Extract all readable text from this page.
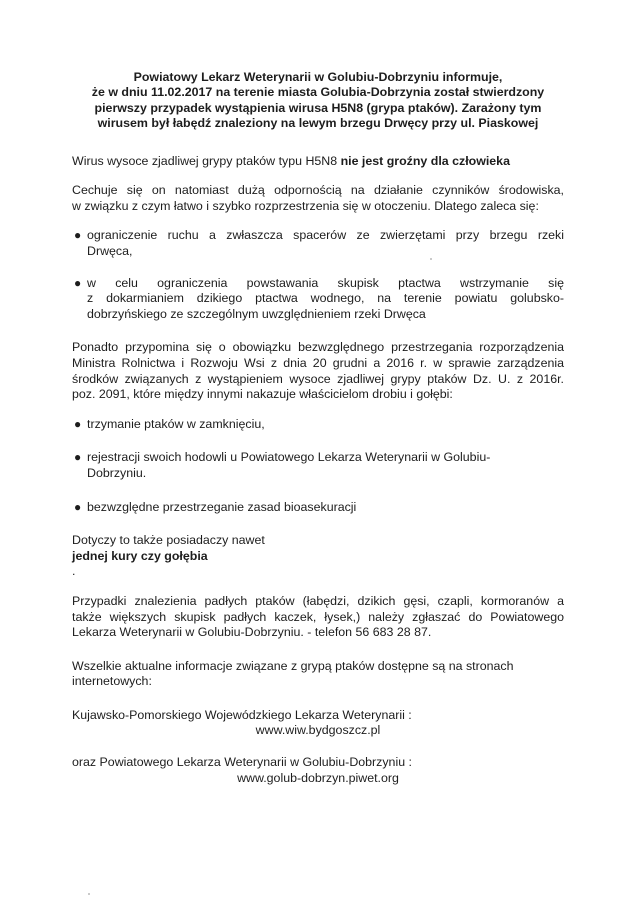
Powiatowy Lekarz Weterynarii w Golubiu-Dobrzyniu informuje,
że w dniu 11.02.2017 na terenie miasta Golubia-Dobrzynia został stwierdzony
pierwszy przypadek wystąpienia wirusa H5N8 (grypa ptaków). Zarażony tym
wirusem był łabędź znaleziony na lewym brzegu Drwęcy przy ul. Piaskowej

Wirus wysoce zjadliwej grypy ptaków typu H5N8 nie jest groźny dla człowieka

Cechuje się on natomiast dużą odpornością na działanie czynników środowiska,
w związku z czym łatwo i szybko rozprzestrzenia się w otoczeniu. Dlatego zaleca się:
● ograniczenie ruchu a zwłaszcza spacerów ze zwierzętami przy brzegu rzeki
Drwęca,
● w celu ograniczenia powstawania skupisk ptactwa wstrzymanie się
z dokarmianiem dzikiego ptactwa wodnego, na terenie powiatu golubsko-
dobrzyńskiego ze szczególnym uwzględnieniem rzeki Drwęca
Ponadto przypomina się o obowiązku bezwzględnego przestrzegania rozporządzenia
Ministra Rolnictwa i Rozwoju Wsi z dnia 20 grudni a 2016 r. w sprawie zarządzenia
środków związanych z wystąpieniem wysoce zjadliwej grypy ptaków Dz. U. z 2016r.
poz. 2091, które między innymi nakazuje właścicielom drobiu i gołębi:
● trzymanie ptaków w zamknięciu,
● rejestracji swoich hodowli u Powiatowego Lekarza Weterynarii w Golubiu-
Dobrzyniu.
● bezwzględne przestrzeganie zasad bioasekuracji

Dotyczy to także posiadaczy nawet
jednej kury czy gołębia
.

Przypadki znalezienia padłych ptaków (łabędzi, dzikich gęsi, czapli, kormoranów a
także większych skupisk padłych kaczek, łysek,) należy zgłaszać do Powiatowego
Lekarza Weterynarii w Golubiu-Dobrzyniu. - telefon 56 683 28 87.
Wszelkie aktualne informacje związane z grypą ptaków dostępne są na stronach
internetowych:

Kujawsko-Pomorskiego Wojewódzkiego Lekarza Weterynarii :

www.wiw.bydgoszcz.pl

oraz Powiatowego Lekarza Weterynarii w Golubiu-Dobrzyniu :

www.golub-dobrzyn.piwet.org
